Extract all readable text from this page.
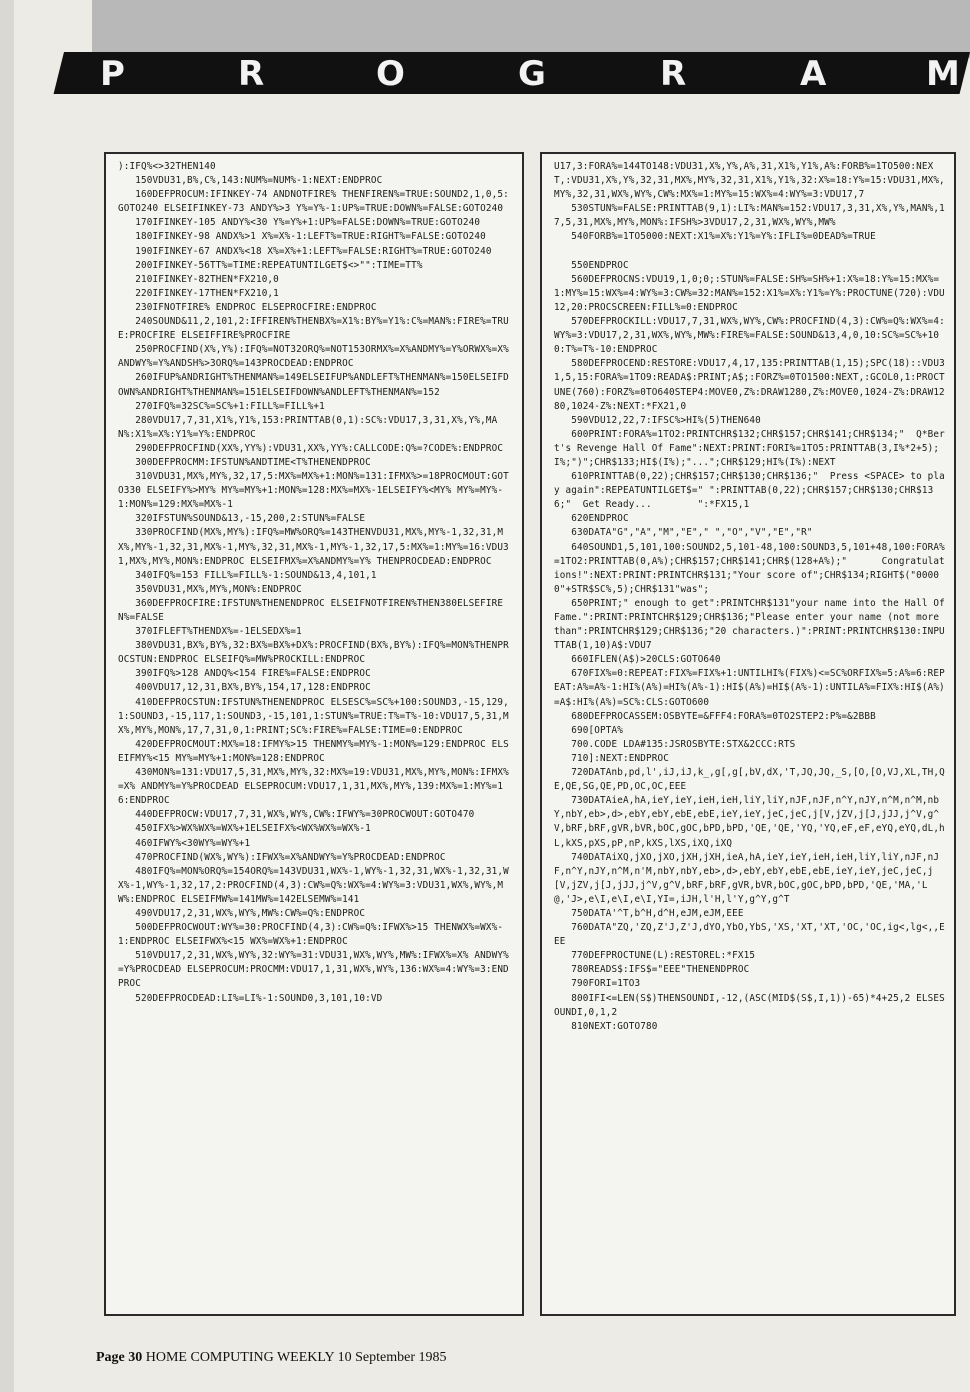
P	R	O	G	R	A	M
):IFQ%<>32THEN140
150VDU31,B%,C%,143:NUM%=NUM%-1:NEXT:ENDPROC
160DEFPROCUM:IFINKEY-74 ANDNOTFIRE% THENFIREN%=TRUE:SOUND2,1,0,5:GOTO240 ELSEIFINKEY-73 ANDY%>3 Y%=Y%-1:UP%=TRUE:DOWN%=FALSE:GOTO240
170IFINKEY-105 ANDY%<30 Y%=Y%+1:UP%=FALSE:DOWN%=TRUE:GOTO240
180IFINKEY-98 ANDX%>1 X%=X%-1:LEFT%=TRUE:RIGHT%=FALSE:GOTO240
190IFINKEY-67 ANDX%<18 X%=X%+1:LEFT%=FALSE:RIGHT%=TRUE:GOTO240
200IFINKEY-56TT%=TIME:REPEATUNTILGET$<>"":TIME=TT%
210IFINKEY-82THEN*FX210,0
220IFINKEY-17THEN*FX210,1
230IFNOTFIRE% ENDPROC ELSEPROCFIRE:ENDPROC
240SOUND&11,2,101,2:IFFIREN%THENBX%=X1%:BY%=Y1%:C%=MAN%:FIRE%=TRUE:PROCFIRE ELSEIFFIRE%PROCFIRE
250PROCFIND(X%,Y%):IFQ%=NOT32ORQ%=NOT153ORMX%=X%ANDMY%=Y%ORWX%=X%ANDWY%=Y%ANDSH%>3ORQ%=143PROCDEAD:ENDPROC
260IFUP%ANDRIGHT%THENMAN%=149ELSEIFUP%ANDLEFT%THENMAN%=150ELSEIFDOWN%ANDRIGHT%THENMAN%=151ELSEIFDOWN%ANDLEFT%THENMAN%=152
270IFQ%=32SC%=SC%+1:FILL%=FILL%+1
280VDU17,7,31,X1%,Y1%,153:PRINTTAB(0,1):SC%:VDU17,3,31,X%,Y%,MAN%:X1%=X%:Y1%=Y%:ENDPROC
290DEFPROCFIND(XX%,YY%):VDU31,XX%,YY%:CALLCODE:Q%=?CODE%:ENDPROC
300DEFPROCMM:IFSTUN%ANDTIME<T%THENENDPROC
310VDU31,MX%,MY%,32,17,5:MX%=MX%+1:MON%=131:IFMX%>=18PROCMOUT:GOTO330 ELSEIFY%>MY% MY%=MY%+1:MON%=128:MX%=MX%-1ELSEIFY%<MY% MY%=MY%-1:MON%=129:MX%=MX%-1
320IFSTUN%SOUND&13,-15,200,2:STUN%=FALSE
330PROCFIND(MX%,MY%):IFQ%=MW%ORQ%=143THENVDU31,MX%,MY%-1,32,31,MX%,MY%-1,32,31,MX%-1,MY%,32,31,MX%-1,MY%-1,32,17,5:MX%=1:MY%=16:VDU31,MX%,MY%,MON%:ENDPROC ELSEIFMX%=X%ANDMY%=Y% THENPROCDEAD:ENDPROC
340IFQ%=153 FILL%=FILL%-1:SOUND&13,4,101,1
350VDU31,MX%,MY%,MON%:ENDPROC
360DEFPROCFIRE:IFSTUN%THENENDPROC ELSEIFNOTFIREN%THEN380ELSEFIREN%=FALSE
370IFLEFT%THENDX%=-1ELSEDX%=1
380VDU31,BX%,BY%,32:BX%=BX%+DX%:PROCFIND(BX%,BY%):IFQ%=MON%THENPROCSTUN:ENDPROC ELSEIFQ%=MW%PROCKILL:ENDPROC
390IFQ%>128 ANDQ%<154 FIRE%=FALSE:ENDPROC
400VDU17,12,31,BX%,BY%,154,17,128:ENDPROC
410DEFPROCSTUN:IFSTUN%THENENDPROC ELSESC%=SC%+100:SOUND3,-15,129,1:SOUND3,-15,117,1:SOUND3,-15,101,1:STUN%=TRUE:T%=T%-10:VDU17,5,31,MX%,MY%,MON%,17,7,31,0,1:PRINT;SC%:FIRE%=FALSE:TIME=0:ENDPROC
420DEFPROCMOUT:MX%=18:IFMY%>15 THENMY%=MY%-1:MON%=129:ENDPROC ELSEIFMY%<15 MY%=MY%+1:MON%=128:ENDPROC
430MON%=131:VDU17,5,31,MX%,MY%,32:MX%=19:VDU31,MX%,MY%,MON%:IFMX%=X% ANDMY%=Y%PROCDEAD ELSEPROCUM:VDU17,1,31,MX%,MY%,139:MX%=1:MY%=16:ENDPROC
440DEFPROCW:VDU17,7,31,WX%,WY%,CW%:IFWY%=30PROCWOUT:GOTO470
450IFX%>WX%WX%=WX%+1ELSEIFX%<WX%WX%=WX%-1
460IFWY%<30WY%=WY%+1
470PROCFIND(WX%,WY%):IFWX%=X%ANDWY%=Y%PROCDEAD:ENDPROC
480IFQ%=MON%ORQ%=154ORQ%=143VDU31,WX%-1,WY%-1,32,31,WX%-1,32,31,WX%-1,WY%-1,32,17,2:PROCFIND(4,3):CW%=Q%:WX%=4:WY%=3:VDU31,WX%,WY%,MW%:ENDPROC ELSEIFMW%=141MW%=142ELSEMW%=141
490VDU17,2,31,WX%,WY%,MW%:CW%=Q%:ENDPROC
500DEFPROCWOUT:WY%=30:PROCFIND(4,3):CW%=Q%:IFWX%>15 THENWX%=WX%-1:ENDPROC ELSEIFWX%<15 WX%=WX%+1:ENDPROC
510VDU17,2,31,WX%,WY%,32:WY%=31:VDU31,WX%,WY%,MW%:IFWX%=X% ANDWY%=Y%PROCDEAD ELSEPROCUM:PROCMM:VDU17,1,31,WX%,WY%,136:WX%=4:WY%=3:ENDPROC
520DEFPROCDEAD:LI%=LI%-1:SOUND0,3,101,10:VD
U17,3:FORA%=144TO148:VDU31,X%,Y%,A%,31,X1%,Y1%,A%:FORB%=1TO500:NEXT,:VDU31,X%,Y%,32,31,MX%,MY%,32,31,X1%,Y1%,32:X%=18:Y%=15:VDU31,MX%,MY%,32,31,WX%,WY%,CW%:MX%=1:MY%=15:WX%=4:WY%=3:VDU17,7
530STUN%=FALSE:PRINTTAB(9,1):LI%:MAN%=152:VDU17,3,31,X%,Y%,MAN%,17,5,31,MX%,MY%,MON%:IFSH%>3VDU17,2,31,WX%,WY%,MW%
540FORB%=1TO5000:NEXT:X1%=X%:Y1%=Y%:IFLI%=0DEAD%=TRUE

550ENDPROC
560DEFPROCNS:VDU19,1,0;0;:STUN%=FALSE:SH%=SH%+1:X%=18:Y%=15:MX%=1:MY%=15:WX%=4:WY%=3:CW%=32:MAN%=152:X1%=X%:Y1%=Y%:PROCTUNE(720):VDU12,20:PROCSCREEN:FILL%=0:ENDPROC
570DEFPROCKILL:VDU17,7,31,WX%,WY%,CW%:PROCFIND(4,3):CW%=Q%:WX%=4:WY%=3:VDU17,2,31,WX%,WY%,MW%:FIRE%=FALSE:SOUND&13,4,0,10:SC%=SC%+100:T%=T%-10:ENDPROC
580DEFPROCEND:RESTORE:VDU17,4,17,135:PRINTTAB(1,15);SPC(18)::VDU31,5,15:FORA%=1TO9:READA$:PRINT;A$;:FORZ%=0TO1500:NEXT,:GCOL0,1:PROCTUNE(760):FORZ%=0TO640STEP4:MOVE0,Z%:DRAW1280,Z%:MOVE0,1024-Z%:DRAW1280,1024-Z%:NEXT:*FX21,0
590VDU12,22,7:IFSC%>HI%(5)THEN640
600PRINT:FORA%=1TO2:PRINTCHR$132;CHR$157;CHR$141;CHR$134;"  Q*Bert's Revenge Hall Of Fame":NEXT:PRINT:FORI%=1TO5:PRINTTAB(3,I%*2+5);I%;")";CHR$133;HI$(I%);"...";CHR$129;HI%(I%):NEXT
610PRINTTAB(0,22);CHR$157;CHR$130;CHR$136;"  Press <SPACE> to play again":REPEATUNTILGET$=" ":PRINTTAB(0,22);CHR$157;CHR$130;CHR$136;"  Get Ready...        ":*FX15,1
620ENDPROC
630DATA"G","A","M","E"," ","O","V","E","R"
640SOUND1,5,101,100:SOUND2,5,101-48,100:SOUND3,5,101+48,100:FORA%=1TO2:PRINTTAB(0,A%);CHR$157;CHR$141;CHR$(128+A%);"      Congratulations!":NEXT:PRINT:PRINTCHR$131;"Your score of";CHR$134;RIGHT$("00000"+STR$SC%,5);CHR$131"was";
650PRINT;" enough to get":PRINTCHR$131"your name into the Hall Of Fame.":PRINT:PRINTCHR$129;CHR$136;"Please enter your name (not more than":PRINTCHR$129;CHR$136;"20 characters.)":PRINT:PRINTCHR$130:INPUTTAB(1,10)A$:VDU7
660IFLEN(A$)>20CLS:GOTO640
670FIX%=0:REPEAT:FIX%=FIX%+1:UNTILHI%(FIX%)<=SC%ORFIX%=5:A%=6:REPEAT:A%=A%-1:HI%(A%)=HI%(A%-1):HI$(A%)=HI$(A%-1):UNTILA%=FIX%:HI$(A%)=A$:HI%(A%)=SC%:CLS:GOTO600
680DEFPROCASSEM:OSBYTE=&FFF4:FORA%=0TO2STEP2:P%=&2BBB
690[OPTA%
700.CODE LDA#135:JSROSBYTE:STX&2CCC:RTS
710]:NEXT:ENDPROC
720DATAnb,pd,l',iJ,iJ,k_,g[,g[,bV,dX,'T,JQ,JQ,_S,[O,[O,VJ,XL,TH,QE,QE,SG,QE,PD,OC,OC,EEE
730DATAieA,hA,ieY,ieY,ieH,ieH,liY,liY,nJF,nJF,n^Y,nJY,n^M,n^M,nbY,nbY,eb>,d>,ebY,ebY,ebE,ebE,ieY,ieY,jeC,jeC,j[V,jZV,j[J,jJJ,j^V,g^V,bRF,bRF,gVR,bVR,bOC,gOC,bPD,bPD,'QE,'QE,'YQ,'YQ,eF,eF,eYQ,eYQ,dL,hL,kXS,pXS,pP,nP,kXS,lXS,iXQ,iXQ
740DATAiXQ,jXO,jXO,jXH,jXH,ieA,hA,ieY,ieY,ieH,ieH,liY,liY,nJF,nJF,n^Y,nJY,n^M,n'M,nbY,nbY,eb>,d>,ebY,ebY,ebE,ebE,ieY,ieY,jeC,jeC,j[V,jZV,j[J,jJJ,j^V,g^V,bRF,bRF,gVR,bVR,bOC,gOC,bPD,bPD,'QE,'MA,'L@,'J>,e\I,e\I,e\I,YI=,iJH,l'H,l'Y,g^Y,g^T
750DATA'^T,b^H,d^H,eJM,eJM,EEE
760DATA"ZQ,'ZQ,Z'J,Z'J,dYO,YbO,YbS,'XS,'XT,'XT,'OC,'OC,ig<,lg<,,EEE
770DEFPROCTUNE(L):RESTOREL:*FX15
780READS$:IFS$="EEE"THENENDPROC
790FORI=1TO3
800IFI<=LEN(S$)THENSOUNDI,-12,(ASC(MID$(S$,I,1))-65)*4+25,2 ELSESOUNDI,0,1,2
810NEXT:GOTO780
Page 30 HOME COMPUTING WEEKLY 10 September 1985
